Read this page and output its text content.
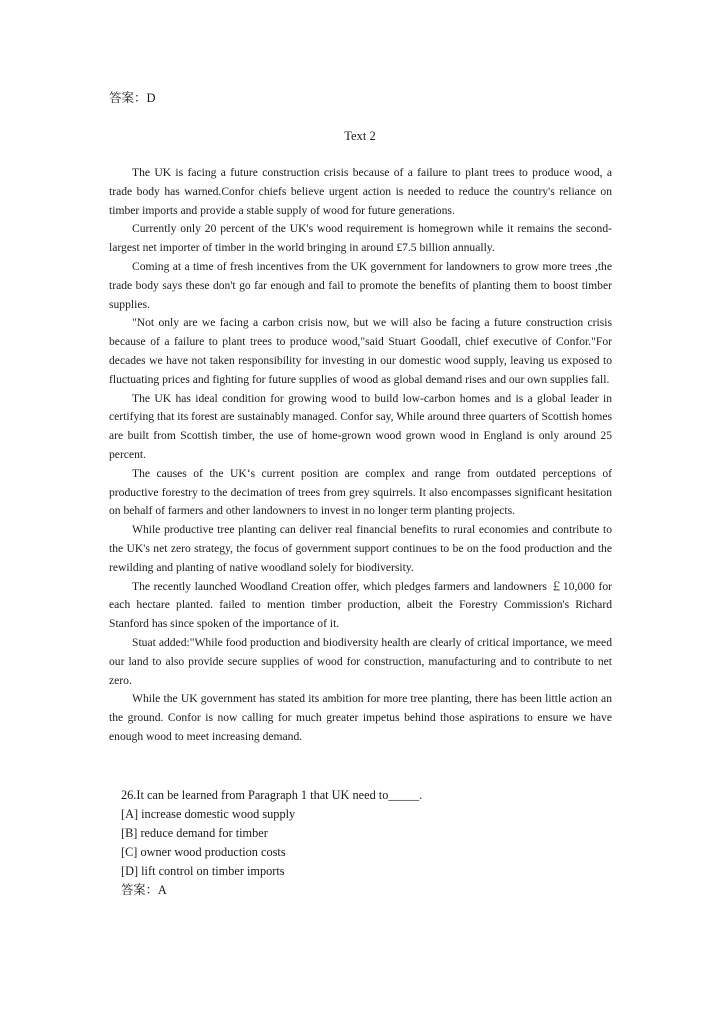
答案：D
Text 2

The UK is facing a future construction crisis because of a failure to plant trees to produce wood, a trade body has warned.Confor chiefs believe urgent action is needed to reduce the country's reliance on timber imports and provide a stable supply of wood for future generations.

Currently only 20 percent of the UK's wood requirement is homegrown while it remains the second-largest net importer of timber in the world bringing in around £7.5 billion annually.

Coming at a time of fresh incentives from the UK government for landowners to grow more trees ,the trade body says these don't go far enough and fail to promote the benefits of planting them to boost timber supplies.

"Not only are we facing a carbon crisis now, but we will also be facing a future construction crisis because of a failure to plant trees to produce wood,"said Stuart Goodall, chief executive of Confor."For decades we have not taken responsibility for investing in our domestic wood supply, leaving us exposed to fluctuating prices and fighting for future supplies of wood as global demand rises and our own supplies fall.

The UK has ideal condition for growing wood to build low-carbon homes and is a global leader in certifying that its forest are sustainably managed. Confor say, While around three quarters of Scottish homes are built from Scottish timber, the use of home-grown wood grown wood in England is only around 25 percent.

The causes of the UK‘s current position are complex and range from outdated perceptions of productive forestry to the decimation of trees from grey squirrels. It also encompasses significant hesitation on behalf of farmers and other landowners to invest in no longer term planting projects.

While productive tree planting can deliver real financial benefits to rural economies and contribute to the UK's net zero strategy, the focus of government support continues to be on the food production and the rewilding and planting of native woodland solely for biodiversity.

The recently launched Woodland Creation offer, which pledges farmers and landowners ￡10,000 for each hectare planted. failed to mention timber production, albeit the Forestry Commission's Richard Stanford has since spoken of the importance of it.

Stuat added:"While food production and biodiversity health are clearly of critical importance, we meed our land to also provide secure supplies of wood for construction, manufacturing and to contribute to net zero.

While the UK government has stated its ambition for more tree planting, there has been little action an the ground. Confor is now calling for much greater impetus behind those aspirations to ensure we have enough wood to meet increasing demand.

26.It can be learned from Paragraph 1 that UK need to_____.
[A] increase domestic wood supply
[B] reduce demand for timber
[C] owner wood production costs
[D] lift control on timber imports
答案：A
